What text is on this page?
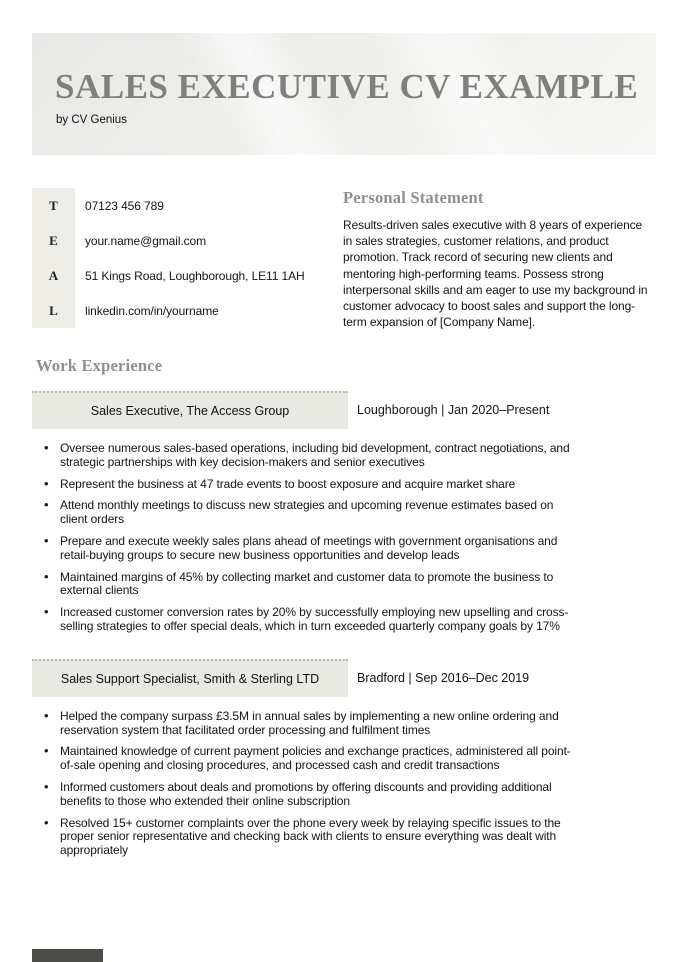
SALES EXECUTIVE CV EXAMPLE
by CV Genius
T	07123 456 789
E	your.name@gmail.com
A	51 Kings Road, Loughborough, LE11 1AH
L	linkedin.com/in/yourname
Personal Statement

Results-driven sales executive with 8 years of experience in sales strategies, customer relations, and product promotion. Track record of securing new clients and mentoring high-performing teams. Possess strong interpersonal skills and am eager to use my background in customer advocacy to boost sales and support the long-term expansion of [Company Name].

Work Experience
Sales Executive, The Access Group	Loughborough | Jan 2020–Present
• Oversee numerous sales-based operations, including bid development, contract negotiations, and strategic partnerships with key decision-makers and senior executives
• Represent the business at 47 trade events to boost exposure and acquire market share
• Attend monthly meetings to discuss new strategies and upcoming revenue estimates based on client orders
• Prepare and execute weekly sales plans ahead of meetings with government organisations and retail-buying groups to secure new business opportunities and develop leads
• Maintained margins of 45% by collecting market and customer data to promote the business to external clients
• Increased customer conversion rates by 20% by successfully employing new upselling and cross-selling strategies to offer special deals, which in turn exceeded quarterly company goals by 17%
Sales Support Specialist, Smith & Sterling LTD	Bradford | Sep 2016–Dec 2019
• Helped the company surpass £3.5M in annual sales by implementing a new online ordering and reservation system that facilitated order processing and fulfilment times
• Maintained knowledge of current payment policies and exchange practices, administered all point-of-sale opening and closing procedures, and processed cash and credit transactions
• Informed customers about deals and promotions by offering discounts and providing additional benefits to those who extended their online subscription
• Resolved 15+ customer complaints over the phone every week by relaying specific issues to the proper senior representative and checking back with clients to ensure everything was dealt with appropriately
